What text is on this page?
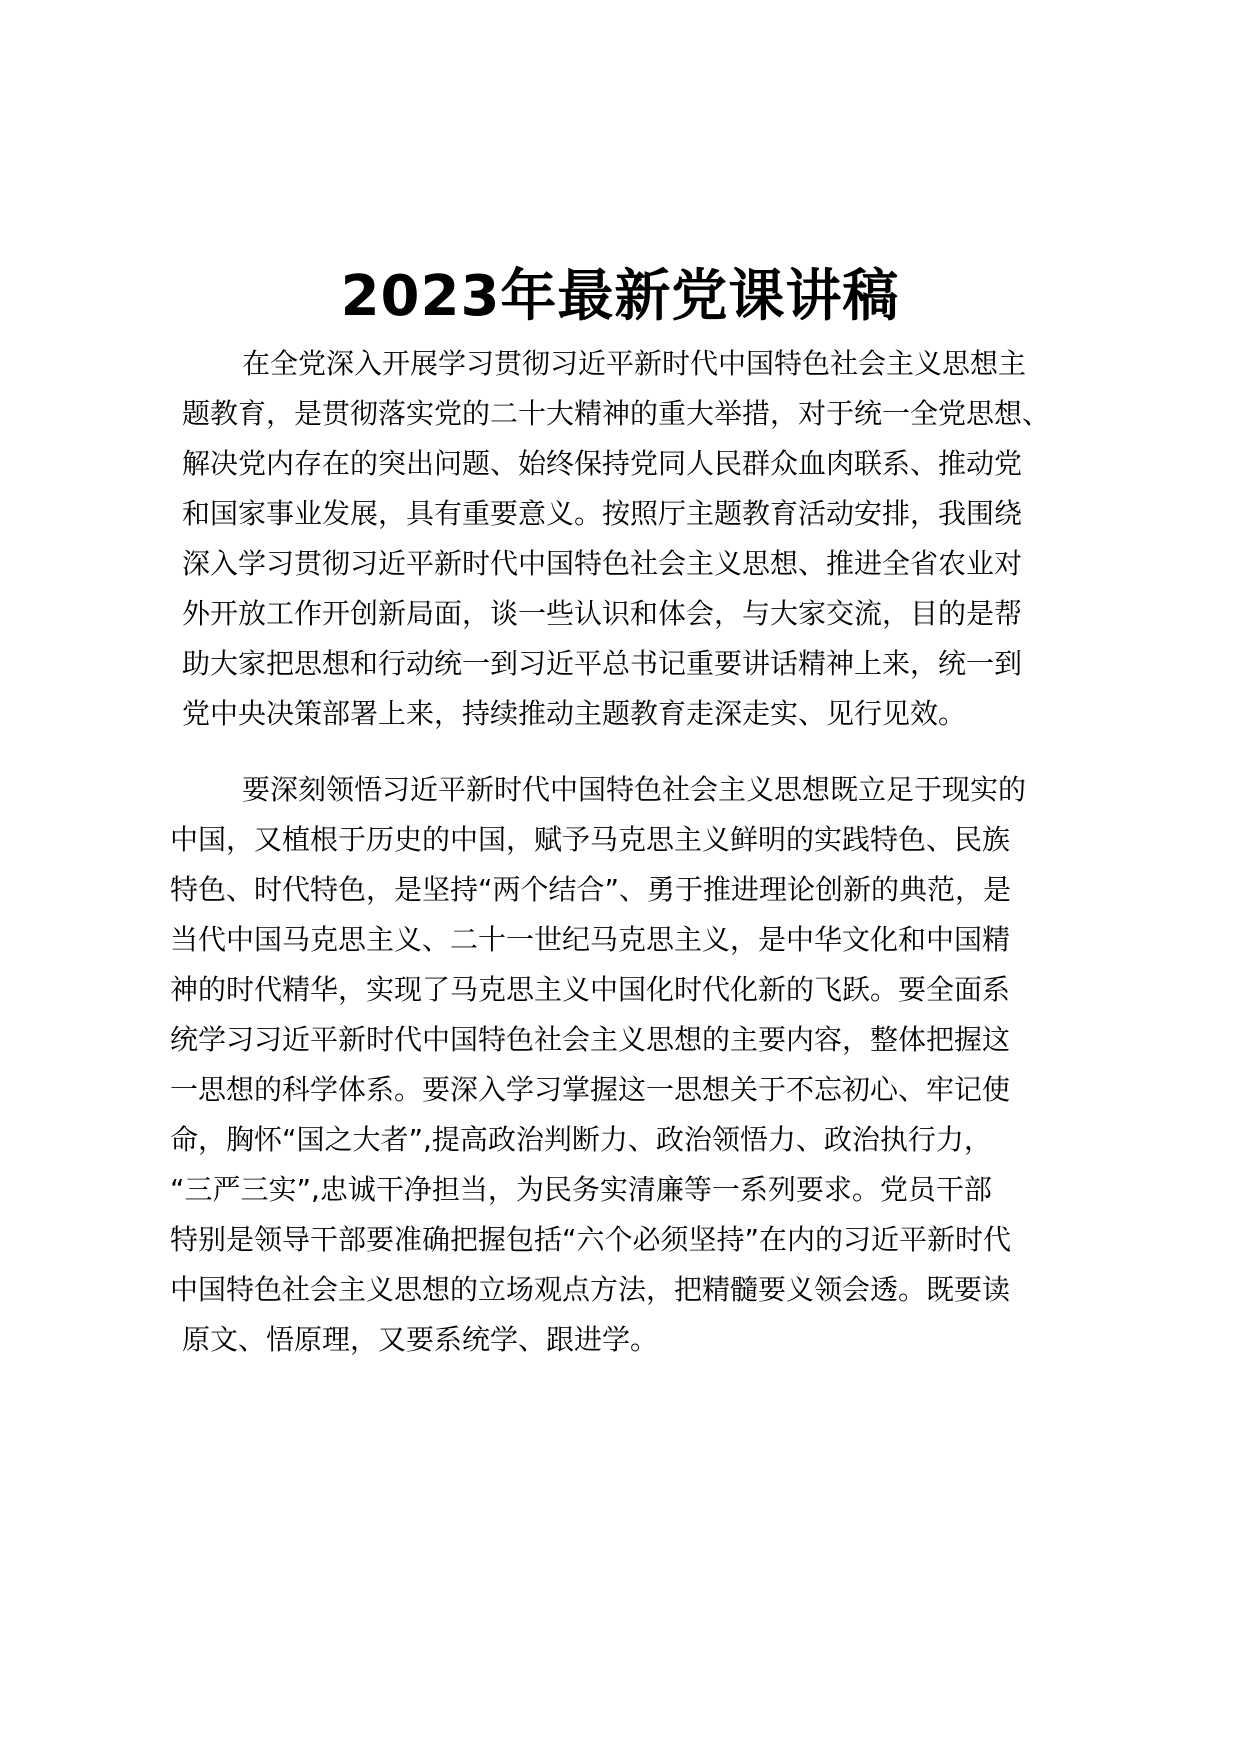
2023年最新党课讲稿

在全党深入开展学习贯彻习近平新时代中国特色社会主义思想主

题教育，是贯彻落实党的二十大精神的重大举措，对于统一全党思想、

解决党内存在的突出问题、始终保持党同人民群众血肉联系、推动党

和国家事业发展，具有重要意义。按照厅主题教育活动安排，我围绕

深入学习贯彻习近平新时代中国特色社会主义思想、推进全省农业对

外开放工作开创新局面，谈一些认识和体会，与大家交流，目的是帮

助大家把思想和行动统一到习近平总书记重要讲话精神上来，统一到

党中央决策部署上来，持续推动主题教育走深走实、见行见效。

要深刻领悟习近平新时代中国特色社会主义思想既立足于现实的

中国，又植根于历史的中国，赋予马克思主义鲜明的实践特色、民族

特色、时代特色，是坚持“两个结合”、勇于推进理论创新的典范，是

当代中国马克思主义、二十一世纪马克思主义，是中华文化和中国精

神的时代精华，实现了马克思主义中国化时代化新的飞跃。要全面系

统学习习近平新时代中国特色社会主义思想的主要内容，整体把握这

一思想的科学体系。要深入学习掌握这一思想关于不忘初心、牢记使

命，胸怀“国之大者”,提高政治判断力、政治领悟力、政治执行力，

“三严三实”,忠诚干净担当，为民务实清廉等一系列要求。党员干部

特别是领导干部要准确把握包括“六个必须坚持”在内的习近平新时代

中国特色社会主义思想的立场观点方法，把精髓要义领会透。既要读

原文、悟原理，又要系统学、跟进学。
